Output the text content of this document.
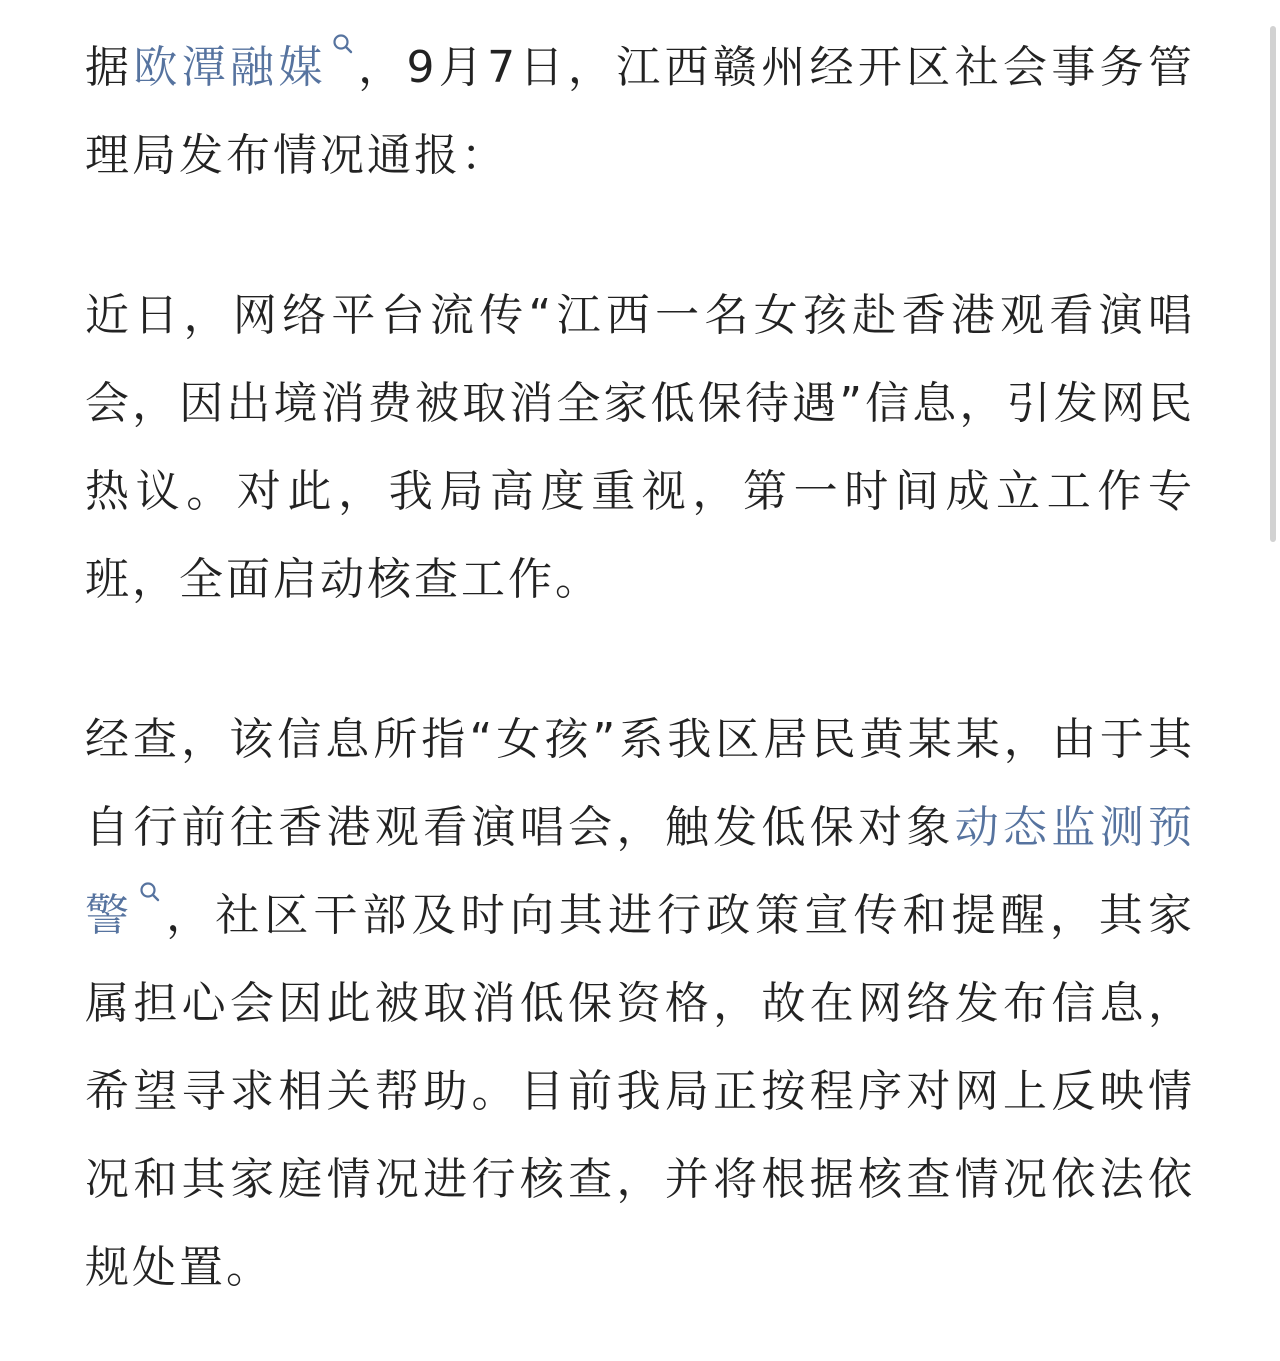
据欧潭融媒 ，9月7日，江西赣州经开区社会事务管理局发布情况通报：

近日，网络平台流传“江西一名女孩赴香港观看演唱会，因出境消费被取消全家低保待遇”信息，引发网民热议。对此，我局高度重视，第一时间成立工作专班，全面启动核查工作。

经查，该信息所指“女孩”系我区居民黄某某，由于其自行前往香港观看演唱会，触发低保对象动态监测预警 ，社区干部及时向其进行政策宣传和提醒，其家属担心会因此被取消低保资格，故在网络发布信息，希望寻求相关帮助。目前我局正按程序对网上反映情况和其家庭情况进行核查，并将根据核查情况依法依规处置。
